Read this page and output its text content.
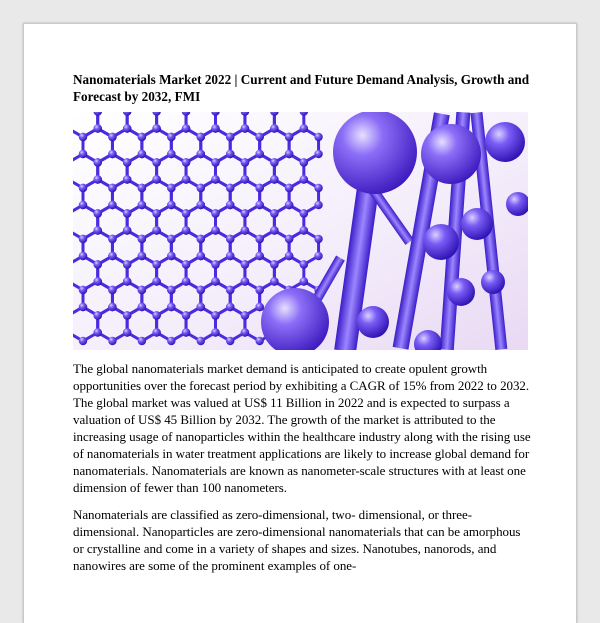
Nanomaterials Market 2022 | Current and Future Demand Analysis, Growth and Forecast by 2032, FMI

The global nanomaterials market demand is anticipated to create opulent growth opportunities over the forecast period by exhibiting a CAGR of 15% from 2022 to 2032. The global market was valued at US$ 11 Billion in 2022 and is expected to surpass a valuation of US$ 45 Billion by 2032. The growth of the market is attributed to the increasing usage of nanoparticles within the healthcare industry along with the rising use of nanomaterials in water treatment applications are likely to increase global demand for nanomaterials. Nanomaterials are known as nanometer-scale structures with at least one dimension of fewer than 100 nanometers.

Nanomaterials are classified as zero-dimensional, two- dimensional, or three-dimensional. Nanoparticles are zero-dimensional nanomaterials that can be amorphous or crystalline and come in a variety of shapes and sizes. Nanotubes, nanorods, and nanowires are some of the prominent examples of one-
